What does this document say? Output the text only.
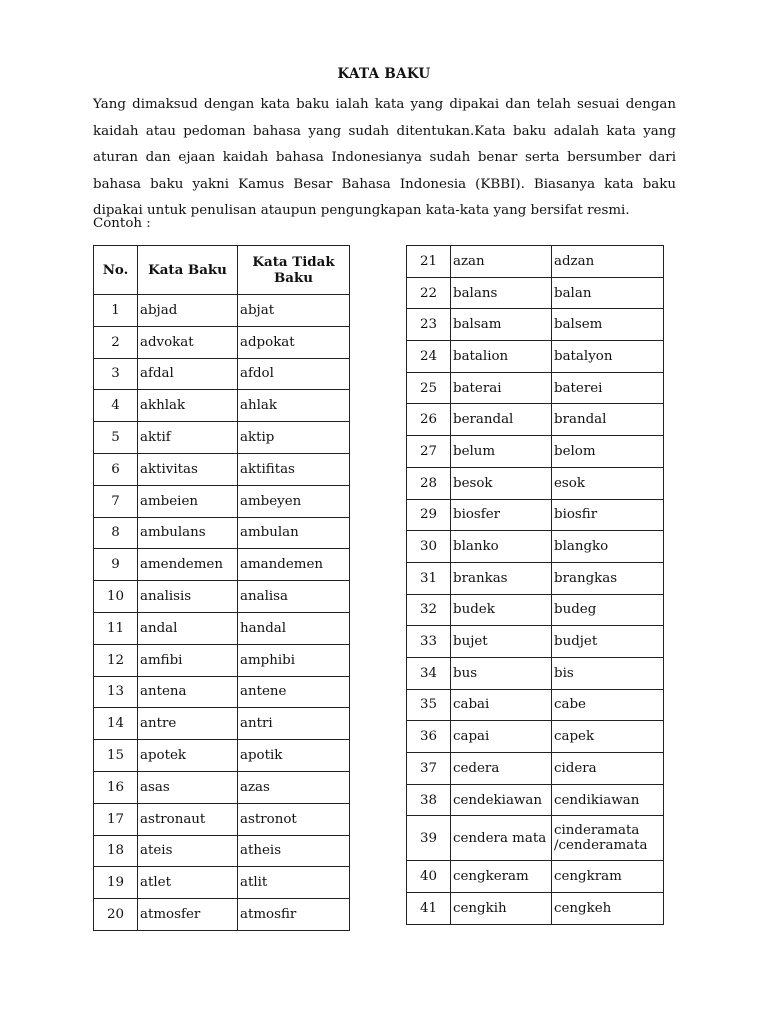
KATA BAKU

Yang dimaksud dengan kata baku ialah kata yang dipakai dan telah sesuai dengan kaidah atau pedoman bahasa yang sudah ditentukan.Kata baku adalah kata yang aturan dan ejaan kaidah bahasa Indonesianya sudah benar serta bersumber dari bahasa baku yakni Kamus Besar Bahasa Indonesia (KBBI). Biasanya kata baku dipakai untuk penulisan ataupun pengungkapan kata-kata yang bersifat resmi.

Contoh :
No.	Kata Baku	Kata Tidak
Baku
1	abjad	abjat
2	advokat	adpokat
3	afdal	afdol
4	akhlak	ahlak
5	aktif	aktip
6	aktivitas	aktifitas
7	ambeien	ambeyen
8	ambulans	ambulan
9	amendemen	amandemen
10	analisis	analisa
11	andal	handal
12	amfibi	amphibi
13	antena	antene
14	antre	antri
15	apotek	apotik
16	asas	azas
17	astronaut	astronot
18	ateis	atheis
19	atlet	atlit
20	atmosfer	atmosfir
21	azan	adzan
22	balans	balan
23	balsam	balsem
24	batalion	batalyon
25	baterai	baterei
26	berandal	brandal
27	belum	belom
28	besok	esok
29	biosfer	biosfir
30	blanko	blangko
31	brankas	brangkas
32	budek	budeg
33	bujet	budjet
34	bus	bis
35	cabai	cabe
36	capai	capek
37	cedera	cidera
38	cendekiawan	cendikiawan
39	cendera mata	cinderamata
/cenderamata
40	cengkeram	cengkram
41	cengkih	cengkeh
